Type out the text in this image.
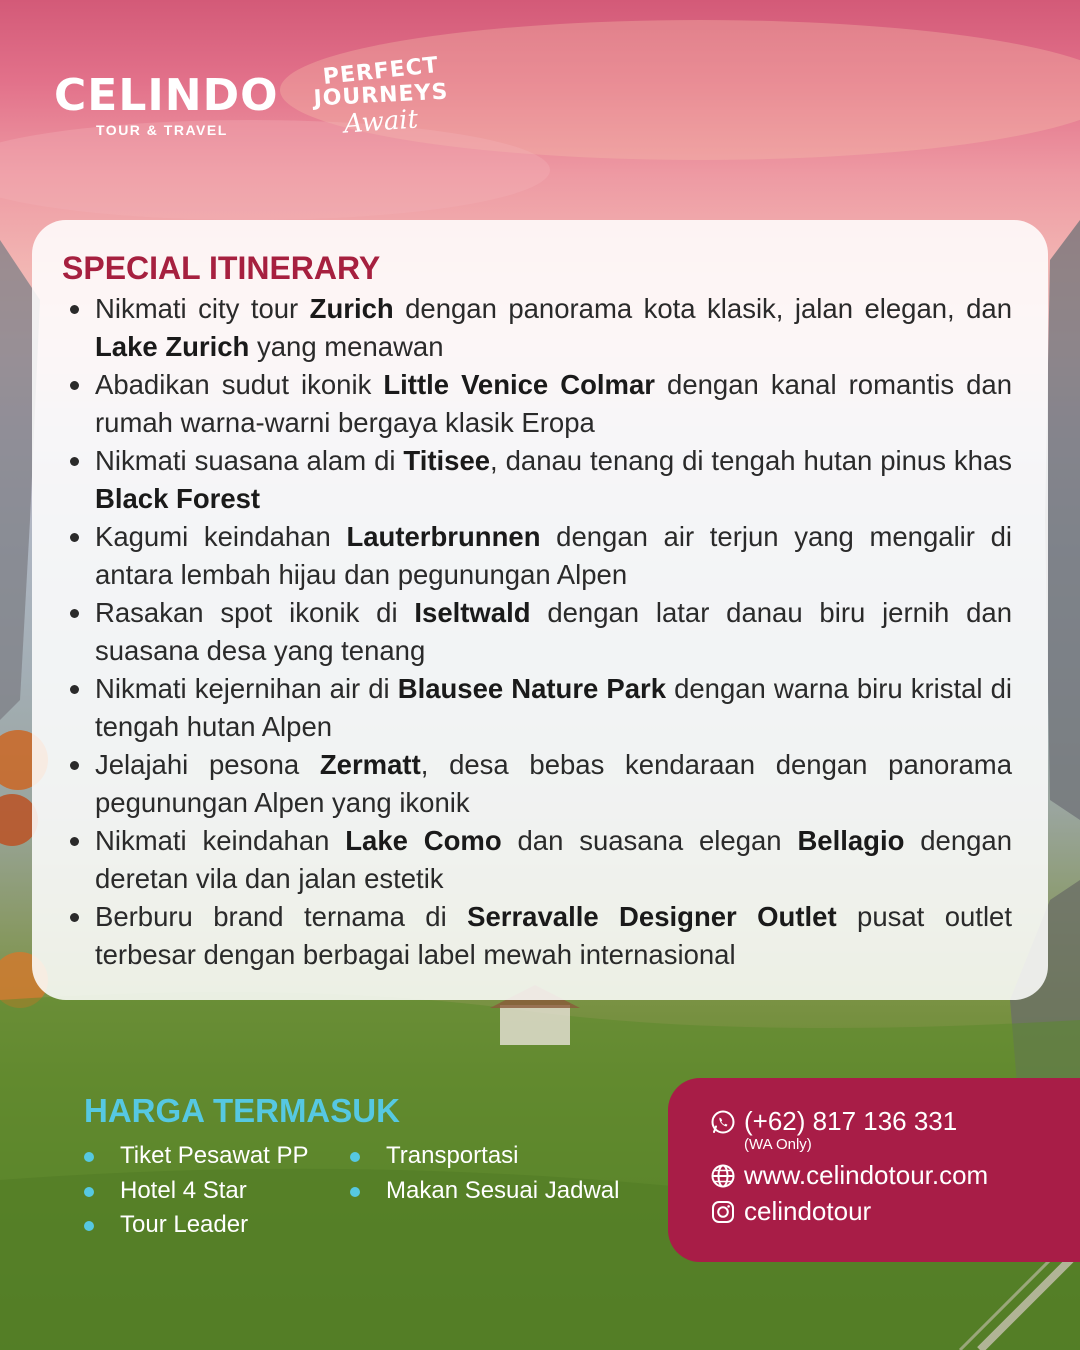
CELINDO
TOUR & TRAVEL
PERFECT
JOURNEYS
Await
SPECIAL ITINERARY
Nikmati city tour Zurich dengan panorama kota klasik, jalan elegan, dan Lake Zurich yang menawan
Abadikan sudut ikonik Little Venice Colmar dengan kanal romantis dan rumah warna-warni bergaya klasik Eropa
Nikmati suasana alam di Titisee, danau tenang di tengah hutan pinus khas Black Forest
Kagumi keindahan Lauterbrunnen dengan air terjun yang mengalir di antara lembah hijau dan pegunungan Alpen
Rasakan spot ikonik di Iseltwald dengan latar danau biru jernih dan suasana desa yang tenang
Nikmati kejernihan air di Blausee Nature Park dengan warna biru kristal di tengah hutan Alpen
Jelajahi pesona Zermatt, desa bebas kendaraan dengan panorama pegunungan Alpen yang ikonik
Nikmati keindahan Lake Como dan suasana elegan Bellagio dengan deretan vila dan jalan estetik
Berburu brand ternama di Serravalle Designer Outlet pusat outlet terbesar dengan berbagai label mewah internasional
HARGA TERMASUK
Tiket Pesawat PP
Hotel 4 Star
Tour Leader
Transportasi
Makan Sesuai Jadwal
(+62) 817 136 331
(WA Only)
www.celindotour.com
celindotour
